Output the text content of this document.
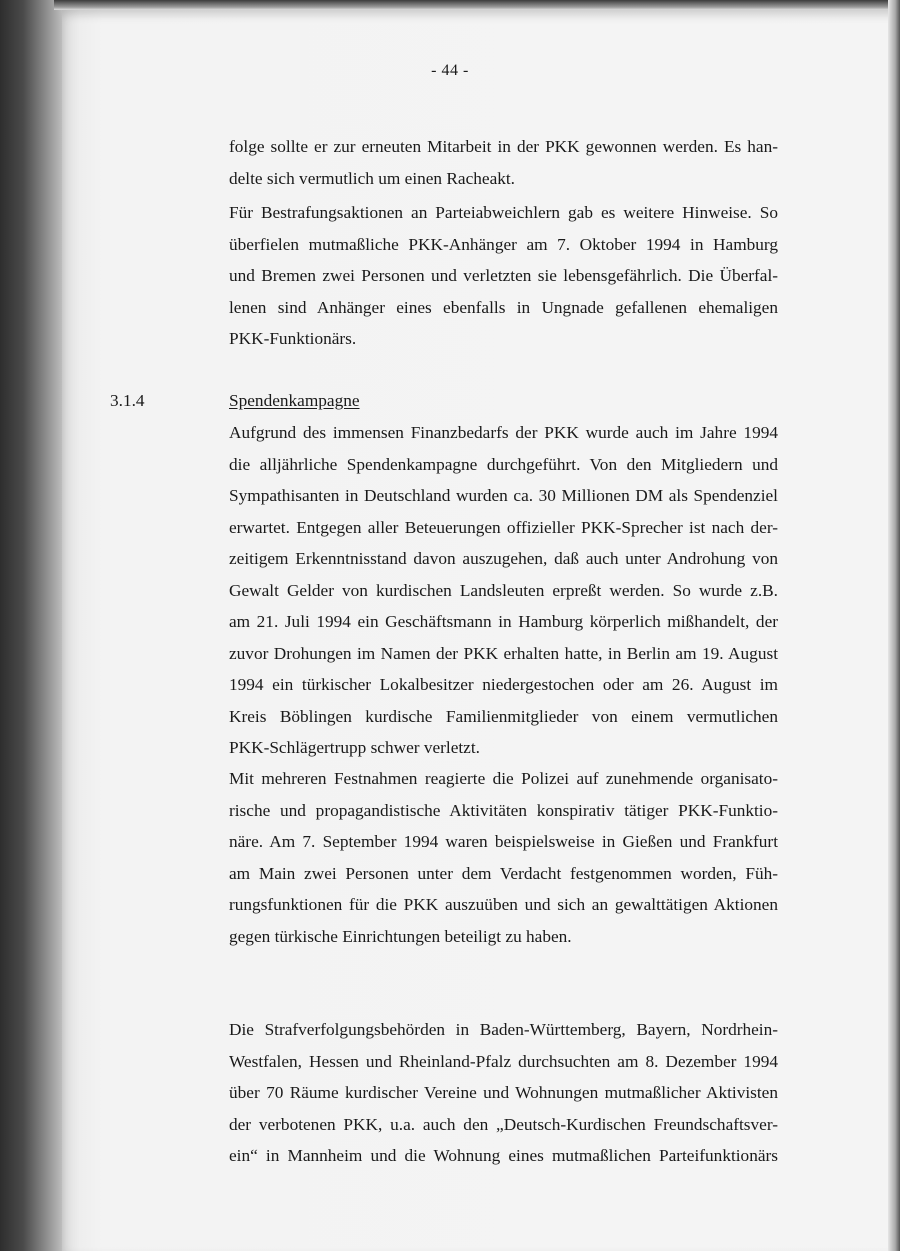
- 44 -
folge sollte er zur erneuten Mitarbeit in der PKK gewonnen werden. Es han-
delte sich vermutlich um einen Racheakt.
Für Bestrafungsaktionen an Parteiabweichlern gab es weitere Hinweise. So
überfielen mutmaßliche PKK-Anhänger am 7. Oktober 1994 in Hamburg
und Bremen zwei Personen und verletzten sie lebensgefährlich. Die Überfal-
lenen sind Anhänger eines ebenfalls in Ungnade gefallenen ehemaligen
PKK-Funktionärs.
3.1.4	Spendenkampagne
Aufgrund des immensen Finanzbedarfs der PKK wurde auch im Jahre 1994
die alljährliche Spendenkampagne durchgeführt. Von den Mitgliedern und
Sympathisanten in Deutschland wurden ca. 30 Millionen DM als Spendenziel
erwartet. Entgegen aller Beteuerungen offizieller PKK-Sprecher ist nach der-
zeitigem Erkenntnisstand davon auszugehen, daß auch unter Androhung von
Gewalt Gelder von kurdischen Landsleuten erpreßt werden. So wurde z.B.
am 21. Juli 1994 ein Geschäftsmann in Hamburg körperlich mißhandelt, der
zuvor Drohungen im Namen der PKK erhalten hatte, in Berlin am 19. August
1994 ein türkischer Lokalbesitzer niedergestochen oder am 26. August im
Kreis Böblingen kurdische Familienmitglieder von einem vermutlichen
PKK-Schlägertrupp schwer verletzt.
Mit mehreren Festnahmen reagierte die Polizei auf zunehmende organisato-
rische und propagandistische Aktivitäten konspirativ tätiger PKK-Funktio-
näre. Am 7. September 1994 waren beispielsweise in Gießen und Frankfurt
am Main zwei Personen unter dem Verdacht festgenommen worden, Füh-
rungsfunktionen für die PKK auszuüben und sich an gewalttätigen Aktionen
gegen türkische Einrichtungen beteiligt zu haben.
Die Strafverfolgungsbehörden in Baden-Württemberg, Bayern, Nordrhein-
Westfalen, Hessen und Rheinland-Pfalz durchsuchten am 8. Dezember 1994
über 70 Räume kurdischer Vereine und Wohnungen mutmaßlicher Aktivisten
der verbotenen PKK, u.a. auch den „Deutsch-Kurdischen Freundschaftsver-
ein“ in Mannheim und die Wohnung eines mutmaßlichen Parteifunktionärs
